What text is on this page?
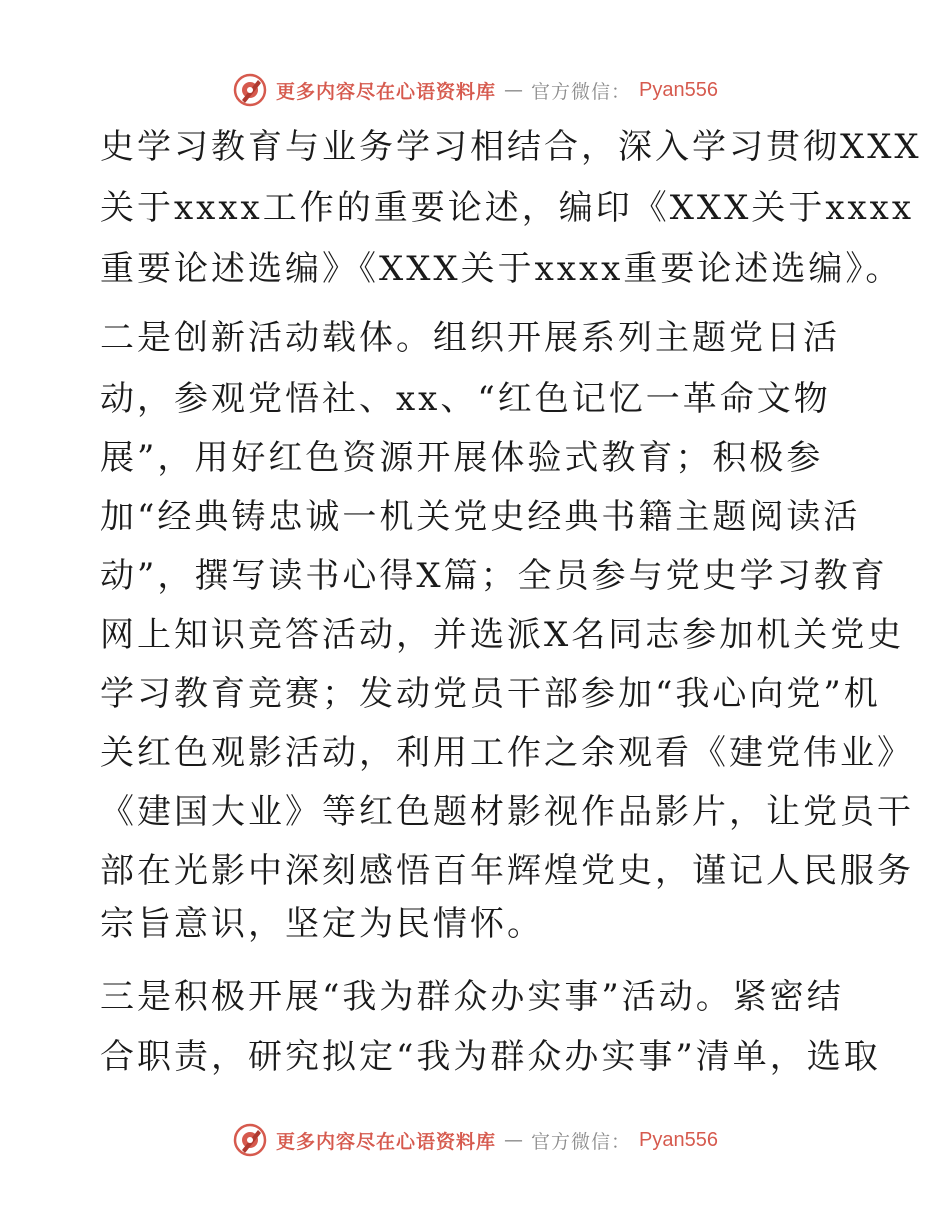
更多内容尽在心语资料库 — 官方微信： Pyan556
史学习教育与业务学习相结合，深入学习贯彻XXX
关于xxxx工作的重要论述，编印《XXX关于xxxx
重要论述选编》《XXX关于xxxx重要论述选编》。
二是创新活动载体。组织开展系列主题党日活
动，参观党悟社、xx、“红色记忆一革命文物
展”，用好红色资源开展体验式教育；积极参
加“经典铸忠诚一机关党史经典书籍主题阅读活
动”，撰写读书心得X篇；全员参与党史学习教育
网上知识竞答活动，并选派X名同志参加机关党史
学习教育竞赛；发动党员干部参加“我心向党”机
关红色观影活动，利用工作之余观看《建党伟业》
《建国大业》等红色题材影视作品影片，让党员干
部在光影中深刻感悟百年辉煌党史，谨记人民服务
宗旨意识，坚定为民情怀。
三是积极开展“我为群众办实事”活动。紧密结
合职责，研究拟定“我为群众办实事”清单，选取
更多内容尽在心语资料库 — 官方微信： Pyan556
